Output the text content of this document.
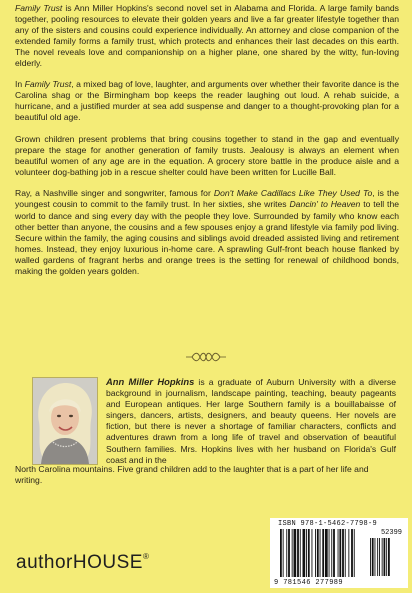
Family Trust is Ann Miller Hopkins's second novel set in Alabama and Florida. A large family bands together, pooling resources to elevate their golden years and live a far greater lifestyle together than any of the sisters and cousins could experience individually. An attorney and close companion of the extended family forms a family trust, which protects and enhances their last decades on this earth. The novel reveals love and companionship on a higher plane, one shared by the witty, fun-loving elderly.

In Family Trust, a mixed bag of love, laughter, and arguments over whether their favorite dance is the Carolina shag or the Birmingham bop keeps the reader laughing out loud. A rehab suicide, a hurricane, and a justified murder at sea add suspense and danger to a thought-provoking plan for a beautiful old age.

Grown children present problems that bring cousins together to stand in the gap and eventually prepare the stage for another generation of family trusts. Jealousy is always an element when beautiful women of any age are in the equation. A grocery store battle in the produce aisle and a volunteer dog-bathing job in a rescue shelter could have been written for Lucille Ball.

Ray, a Nashville singer and songwriter, famous for Don't Make Cadillacs Like They Used To, is the youngest cousin to commit to the family trust. In her sixties, she writes Dancin' to Heaven to tell the world to dance and sing every day with the people they love. Surrounded by family who know each other better than anyone, the cousins and a few spouses enjoy a grand lifestyle via family pod living. Secure within the family, the aging cousins and siblings avoid dreaded assisted living and retirement homes. Instead, they enjoy luxurious in-home care. A sprawling Gulf-front beach house flanked by walled gardens of fragrant herbs and orange trees is the setting for renewal of childhood bonds, making the golden years golden.

Ann Miller Hopkins is a graduate of Auburn University with a diverse background in journalism, landscape painting, teaching, beauty pageants and European antiques. Her large Southern family is a bouillabaisse of singers, dancers, artists, designers, and beauty queens. Her novels are fiction, but there is never a shortage of familiar characters, conflicts and adventures drawn from a long life of travel and observation of beautiful Southern families. Mrs. Hopkins lives with her husband on Florida's Gulf coast and in the
North Carolina mountains. Five grand children add to the laughter that is a part of her life and writing.
authorHOUSE®
ISBN 978-1-5462-7798-9
52399
9 781546 277989
